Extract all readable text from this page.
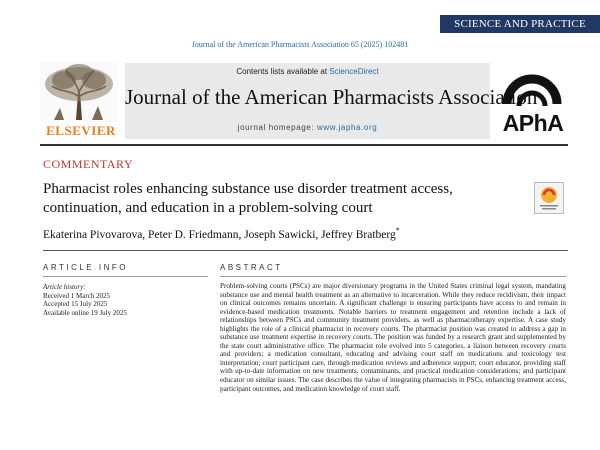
SCIENCE AND PRACTICE
Journal of the American Pharmacists Association 65 (2025) 102481
ELSEVIER
Contents lists available at ScienceDirect
Journal of the American Pharmacists Association
journal homepage: www.japha.org	APhA
COMMENTARY
Pharmacist roles enhancing substance use disorder treatment access, continuation, and education in a problem-solving court
Ekaterina Pivovarova, Peter D. Friedmann, Joseph Sawicki, Jeffrey Bratberg*
ARTICLE INFO	ABSTRACT
Article history:
Received 1 March 2025
Accepted 15 July 2025
Available online 19 July 2025
Problem-solving courts (PSCs) are major diversionary programs in the United States criminal legal system, mandating substance use and mental health treatment as an alternative to incarceration. While they reduce recidivism, their impact on clinical outcomes remains uncertain. A significant challenge is ensuring participants have access to and remain in evidence-based medication treatments. Notable barriers to treatment engagement and retention include a lack of relationships between PSCs and community treatment providers, as well as pharmacotherapy expertise. A case study highlights the role of a clinical pharmacist in recovery courts. The pharmacist position was created to address a gap in substance use treatment expertise in recovery courts. The position was funded by a research grant and supplemented by the state court administrative office. The pharmacist role evolved into 5 categories, a liaison between recovery courts and providers; a medication consultant, educating and advising court staff on medications and toxicology test interpretation; court participant care, through medication reviews and adherence support; court educator, providing staff with up-to-date information on new treatments, contaminants, and practical medication considerations; and participant educator on similar issues. The case describes the value of integrating pharmacists in PSCs, enhancing treatment access, participant outcomes, and medication knowledge of court staff.
